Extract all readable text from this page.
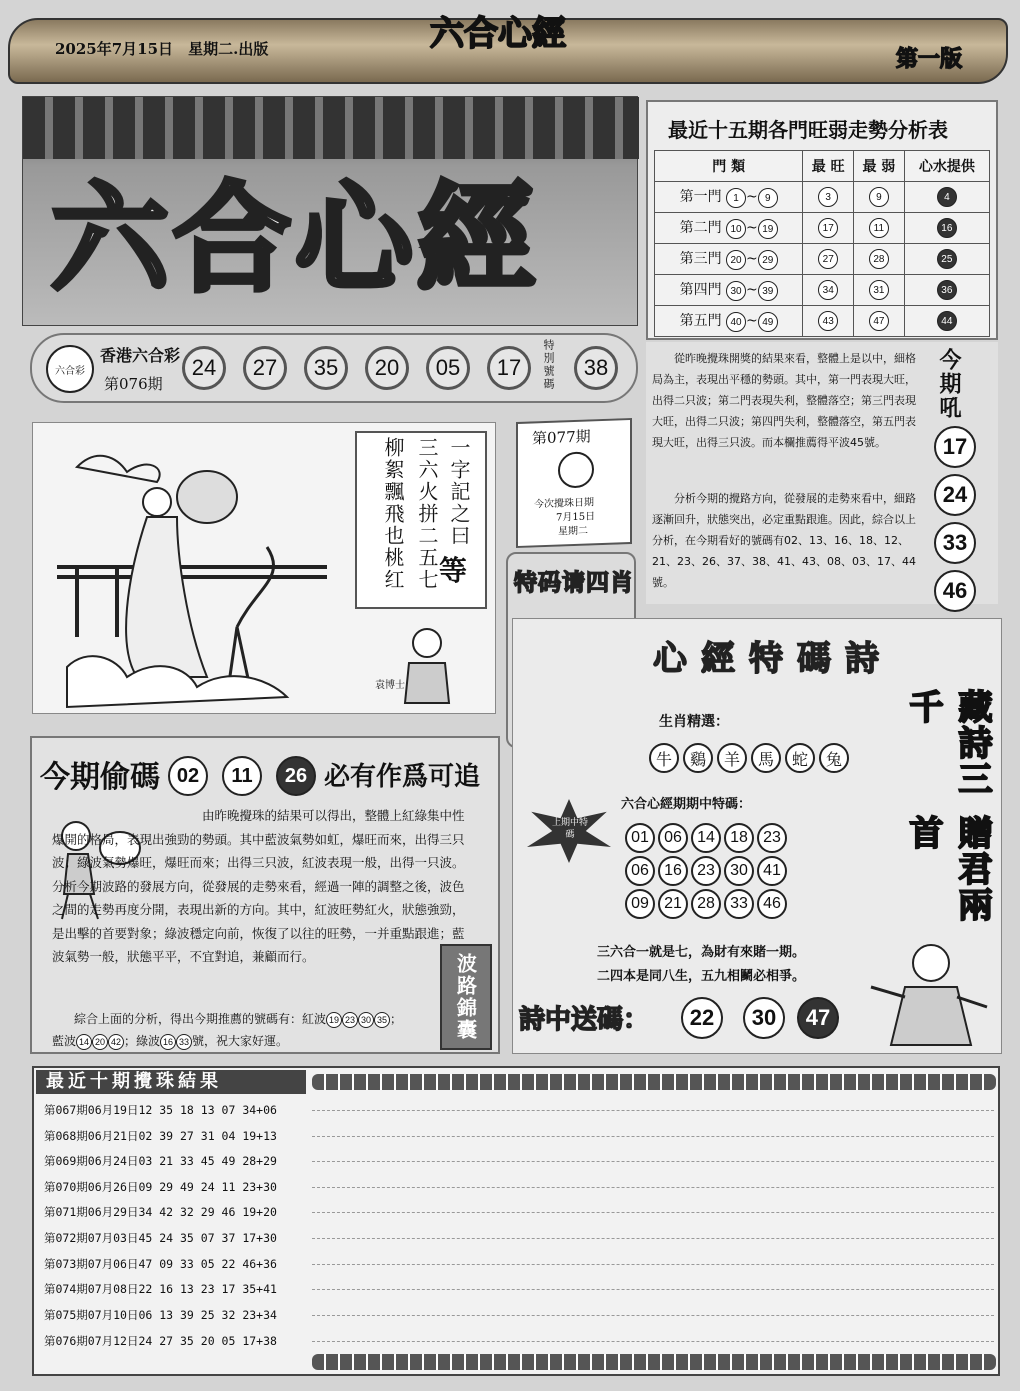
2025年7月15日　 星期二.出版	六合心經
第一版
六合心經
六合彩
香港六合彩
第076期
24	27	35	20	05	17	特別號碼	38
最近十五期各門旺弱走勢分析表
門 類	最 旺	最 弱	心水提供
第一門 1 ~ 9	3	9	4
第二門 10 ~ 19	17	11	16
第三門 20 ~ 29	27	28	25
第四門 30 ~ 39	34	31	36
第五門 40 ~ 49	43	47	44

從昨晚攪珠開獎的結果來看，整體上是以中，細格局為主，表現出平穩的勢頭。其中，第一門表現大旺，出得二只波；第二門表現失利，整體落空；第三門表現大旺，出得二只波；第四門失利，整體落空，第五門表現大旺，出得三只波。而本欄推薦得平波45號。

分析今期的攪路方向，從發展的走勢來看中，細路逐漸回升，狀態突出，必定重點跟進。因此，綜合以上分析，在今期看好的號碼有02、13、16、18、12、21、23、26、37、38、41、43、08、03、17、44號。

今期吼
17
24
33
46
一字記之曰
三六火拼二五七
柳絮飄飛也桃红 等
袁博士
第077期
今次攪珠日期
7月15日
星期二
特码请四肖
今期偷碼 02	11	26 必有作爲可追

由昨晚攪珠的結果可以得出，整體上紅綠集中性爆開的格局，表現出強勁的勢頭。其中藍波氣勢如虹，爆旺而來，出得三只波；綠波氣勢爆旺，爆旺而來；出得三只波，紅波表現一般，出得一只波。分析今期波路的發展方向，從發展的走勢來看，經過一陣的調整之後，波色之間的走勢再度分開，表現出新的方向。其中，紅波旺勢紅火，狀態強勁，是出擊的首要對象；綠波穩定向前，恢復了以往的旺勢，一并重點跟進；藍波氣勢一般，狀態平平，不宜對追，兼顧而行。

綜合上面的分析，得出今期推薦的號碼有：紅波 19 23 30 35 ；
藍波 14 20 42 ；綠波 16 33 號，祝大家好運。	波路錦囊
心經特碼詩
生肖精選：
牛	鷄	羊	馬	蛇	兔
六合心經期期中特碼：
上期中特碼	01 06 14 18 23
06 16 23 30 41
09 21 28 33 46
三六合一就是七，為財有來賭一期。
二四本是同八生，五九相鬭必相爭。
詩中送碼：	22	30	47
藏詩三千
贈君兩首
最近十期攪珠結果
第067期06月19日12 35 18 13 07 34+06
第068期06月21日02 39 27 31 04 19+13
第069期06月24日03 21 33 45 49 28+29
第070期06月26日09 29 49 24 11 23+30
第071期06月29日34 42 32 29 46 19+20
第072期07月03日45 24 35 07 37 17+30
第073期07月06日47 09 33 05 22 46+36
第074期07月08日22 16 13 23 17 35+41
第075期07月10日06 13 39 25 32 23+34
第076期07月12日24 27 35 20 05 17+38
